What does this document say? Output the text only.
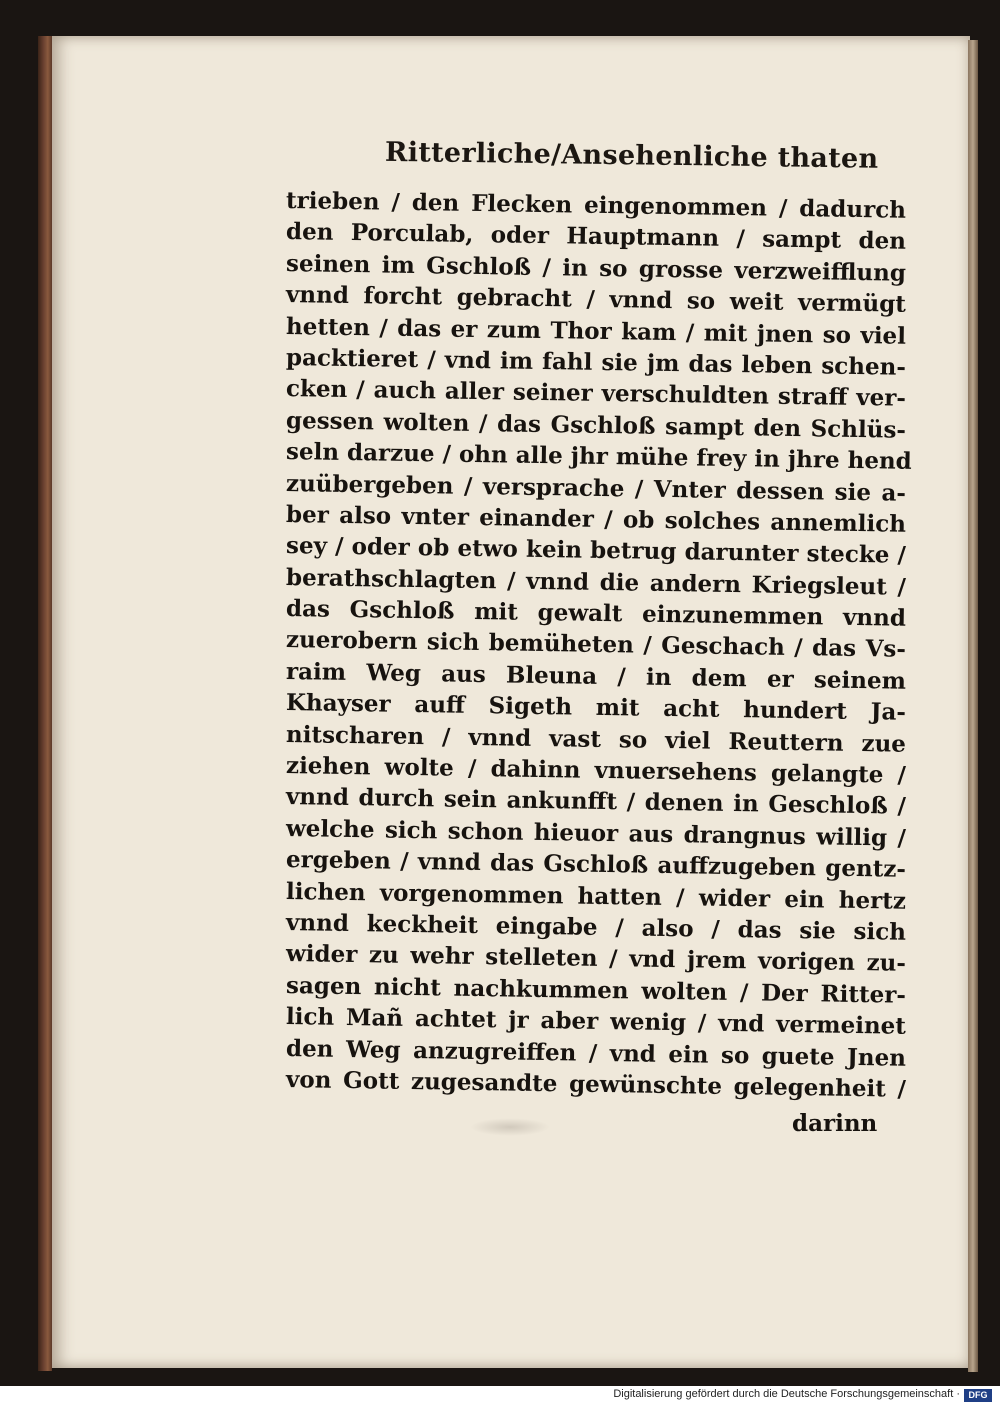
Ritterliche/Ansehenliche thaten
trieben / den Flecken eingenommen / dadurch
den Porculab, oder Hauptmann / sampt den
seinen im Gschloß / in so grosse verzweifflung
vnnd forcht gebracht / vnnd so weit vermügt
hetten / das er zum Thor kam / mit jnen so viel
packtieret / vnd im fahl sie jm das leben schen-
cken / auch aller seiner verschuldten straff ver-
gessen wolten / das Gschloß sampt den Schlüs-
seln darzue / ohn alle jhr mühe frey in jhre hend
zuübergeben / versprache / Vnter dessen sie a-
ber also vnter einander / ob solches annemlich
sey / oder ob etwo kein betrug darunter stecke /
berathschlagten / vnnd die andern Kriegsleut /
das Gschloß mit gewalt einzunemmen vnnd
zuerobern sich bemüheten / Geschach / das Vs-
raim Weg aus Bleuna / in dem er seinem
Khayser auff Sigeth mit acht hundert Ja-
nitscharen / vnnd vast so viel Reuttern zue
ziehen wolte / dahinn vnuersehens gelangte /
vnnd durch sein ankunfft / denen in Geschloß /
welche sich schon hieuor aus drangnus willig /
ergeben / vnnd das Gschloß auffzugeben gentz-
lichen vorgenommen hatten / wider ein hertz
vnnd keckheit eingabe / also / das sie sich
wider zu wehr stelleten / vnd jrem vorigen zu-
sagen nicht nachkummen wolten / Der Ritter-
lich Mañ achtet jr aber wenig / vnd vermeinet
den Weg anzugreiffen / vnd ein so guete Jnen
von Gott zugesandte gewünschte gelegenheit /
darinn
Digitalisierung gefördert durch die Deutsche Forschungsgemeinschaft · DFG
